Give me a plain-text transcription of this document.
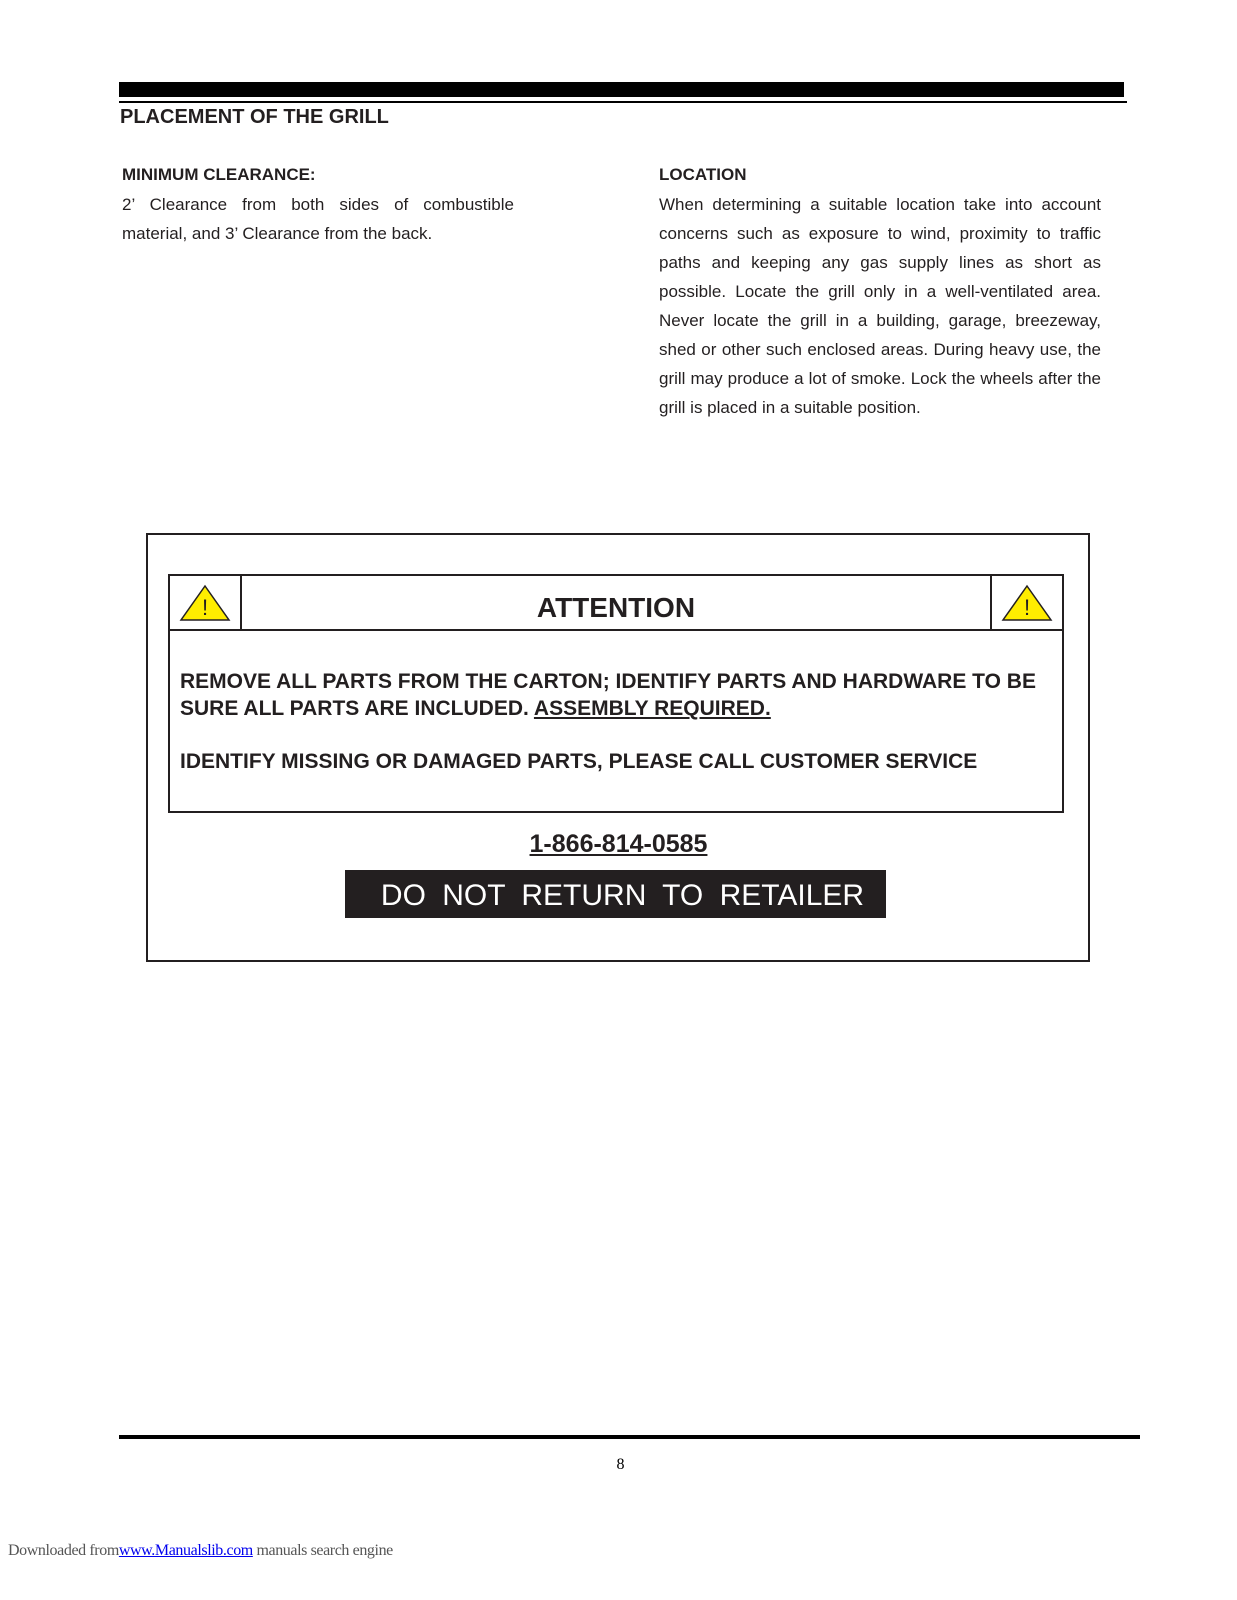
PLACEMENT OF THE GRILL
MINIMUM CLEARANCE:

2’ Clearance from both sides of combustible material, and 3’ Clearance from the back.

LOCATION

When determining a suitable location take into account concerns such as exposure to wind, proximity to traffic paths and keeping any gas supply lines as short as possible. Locate the grill only in a well-ventilated area. Never locate the grill in a building, garage, breezeway, shed or other such enclosed areas. During heavy use, the grill may produce a lot of smoke. Lock the wheels after the grill is placed in a suitable position.

!	ATTENTION	!

REMOVE ALL PARTS FROM THE CARTON; IDENTIFY PARTS AND HARDWARE TO BE SURE ALL PARTS ARE INCLUDED. ASSEMBLY REQUIRED.

IDENTIFY MISSING OR DAMAGED PARTS, PLEASE CALL CUSTOMER SERVICE

1-866-814-0585
DO NOT RETURN TO RETAILER
8
Downloaded fromwww.Manualslib.com manuals search engine
